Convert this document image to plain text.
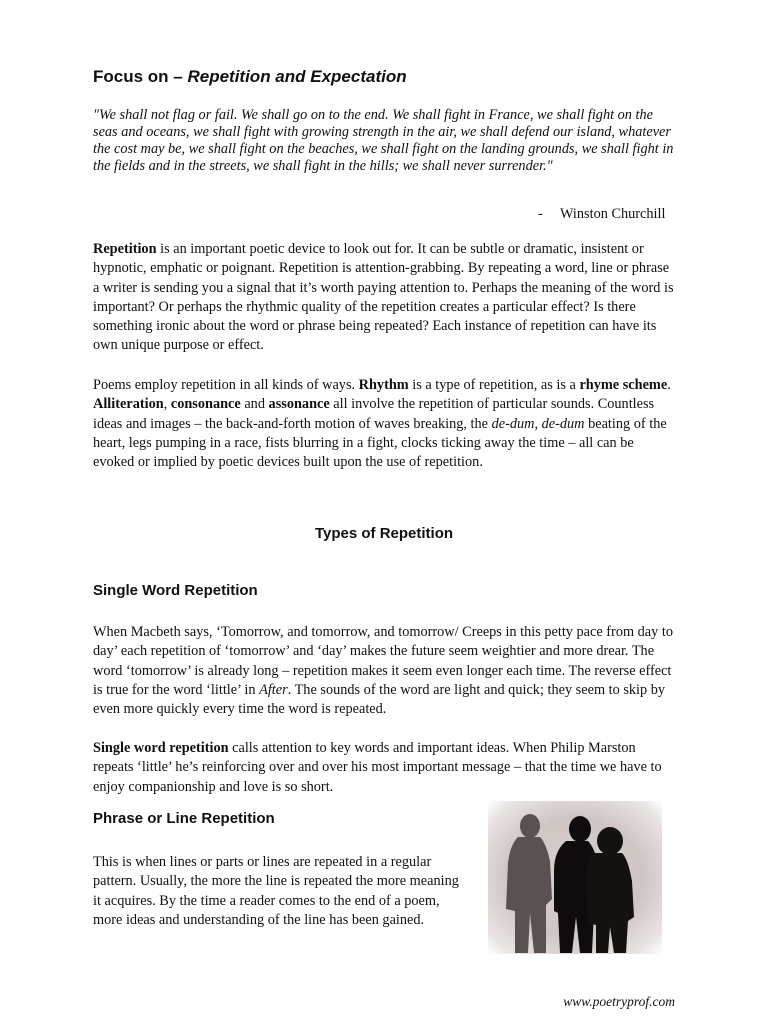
Focus on – Repetition and Expectation
"We shall not flag or fail. We shall go on to the end. We shall fight in France, we shall fight on the seas and oceans, we shall fight with growing strength in the air, we shall defend our island, whatever the cost may be, we shall fight on the beaches, we shall fight on the landing grounds, we shall fight in the fields and in the streets, we shall fight in the hills; we shall never surrender."
- Winston Churchill
Repetition is an important poetic device to look out for. It can be subtle or dramatic, insistent or hypnotic, emphatic or poignant. Repetition is attention-grabbing. By repeating a word, line or phrase a writer is sending you a signal that it’s worth paying attention to. Perhaps the meaning of the word is important? Or perhaps the rhythmic quality of the repetition creates a particular effect? Is there something ironic about the word or phrase being repeated? Each instance of repetition can have its own unique purpose or effect.
Poems employ repetition in all kinds of ways. Rhythm is a type of repetition, as is a rhyme scheme. Alliteration, consonance and assonance all involve the repetition of particular sounds. Countless ideas and images – the back-and-forth motion of waves breaking, the de-dum, de-dum beating of the heart, legs pumping in a race, fists blurring in a fight, clocks ticking away the time – all can be evoked or implied by poetic devices built upon the use of repetition.
Types of Repetition
Single Word Repetition
When Macbeth says, ‘Tomorrow, and tomorrow, and tomorrow/ Creeps in this petty pace from day to day’ each repetition of ‘tomorrow’ and ‘day’ makes the future seem weightier and more drear. The word ‘tomorrow’ is already long – repetition makes it seem even longer each time. The reverse effect is true for the word ‘little’ in After. The sounds of the word are light and quick; they seem to skip by even more quickly every time the word is repeated.
Single word repetition calls attention to key words and important ideas. When Philip Marston repeats ‘little’ he’s reinforcing over and over his most important message – that the time we have to enjoy companionship and love is so short.
Phrase or Line Repetition
This is when lines or parts or lines are repeated in a regular pattern. Usually, the more the line is repeated the more meaning it acquires. By the time a reader comes to the end of a poem, more ideas and understanding of the line has been gained.
www.poetryprof.com
